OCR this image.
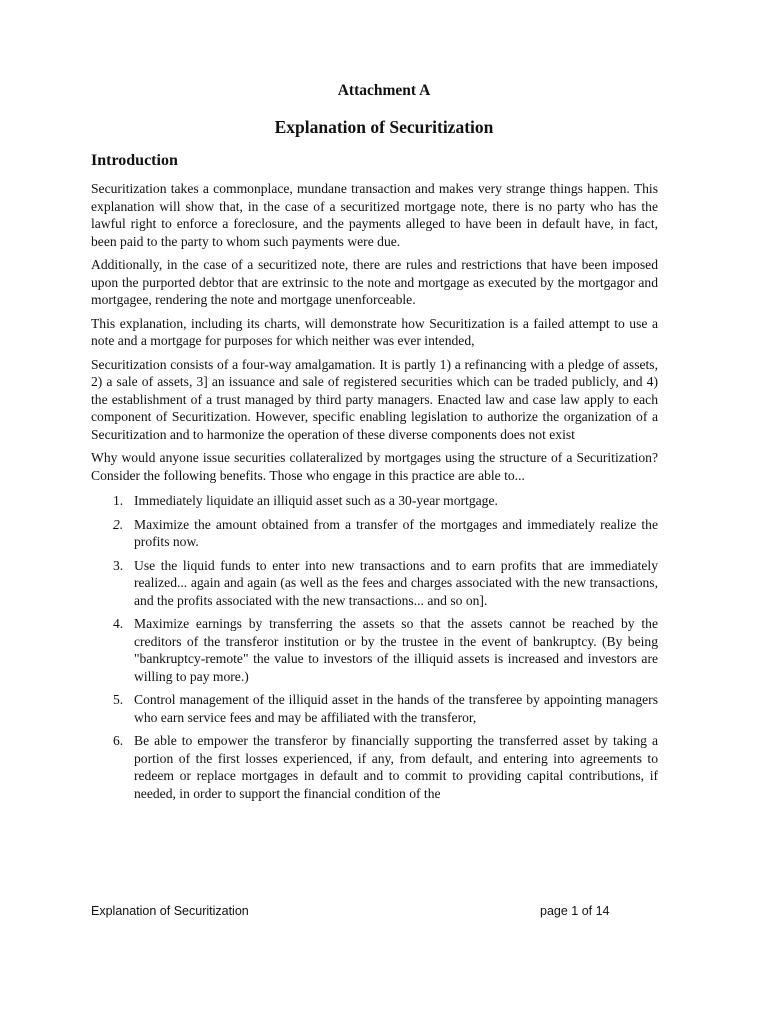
Attachment A
Explanation of Securitization
Introduction

Securitization takes a commonplace, mundane transaction and makes very strange things happen. This explanation will show that, in the case of a securitized mortgage note, there is no party who has the lawful right to enforce a foreclosure, and the payments alleged to have been in default have, in fact, been paid to the party to whom such payments were due.

Additionally, in the case of a securitized note, there are rules and restrictions that have been imposed upon the purported debtor that are extrinsic to the note and mortgage as executed by the mortgagor and mortgagee, rendering the note and mortgage unenforceable.

This explanation, including its charts, will demonstrate how Securitization is a failed attempt to use a note and a mortgage for purposes for which neither was ever intended,

Securitization consists of a four-way amalgamation. It is partly 1) a refinancing with a pledge of assets, 2) a sale of assets, 3] an issuance and sale of registered securities which can be traded publicly, and 4) the establishment of a trust managed by third party managers. Enacted law and case law apply to each component of Securitization. However, specific enabling legislation to authorize the organization of a Securitization and to harmonize the operation of these diverse components does not exist

Why would anyone issue securities collateralized by mortgages using the structure of a Securitization? Consider the following benefits. Those who engage in this practice are able to...

1. Immediately liquidate an illiquid asset such as a 30-year mortgage.
2. Maximize the amount obtained from a transfer of the mortgages and immediately realize the profits now.
3. Use the liquid funds to enter into new transactions and to earn profits that are immediately realized... again and again (as well as the fees and charges associated with the new transactions, and the profits associated with the new transactions... and so on].
4. Maximize earnings by transferring the assets so that the assets cannot be reached by the creditors of the transferor institution or by the trustee in the event of bankruptcy. (By being "bankruptcy-remote" the value to investors of the illiquid assets is increased and investors are willing to pay more.)
5. Control management of the illiquid asset in the hands of the transferee by appointing managers who earn service fees and may be affiliated with the transferor,
6. Be able to empower the transferor by financially supporting the transferred asset by taking a portion of the first losses experienced, if any, from default, and entering into agreements to redeem or replace mortgages in default and to commit to providing capital contributions, if needed, in order to support the financial condition of the
Explanation of Securitization	page 1 of 14
